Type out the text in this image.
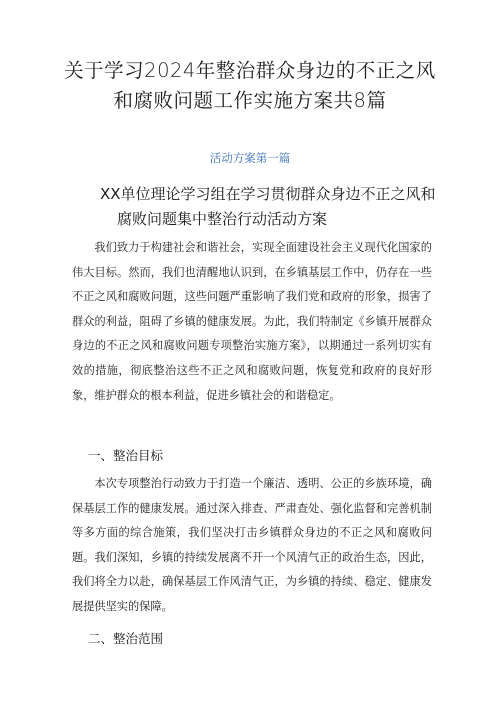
关于学习2024年整治群众身边的不正之风
和腐败问题工作实施方案共8篇
活动方案第一篇
XX单位理论学习组在学习贯彻群众身边不正之风和
腐败问题集中整治行动活动方案

我们致力于构建社会和谐社会，实现全面建设社会主义现代化国家的伟大目标。然而，我们也清醒地认识到，在乡镇基层工作中，仍存在一些不正之风和腐败问题，这些问题严重影响了我们党和政府的形象，损害了群众的利益，阻碍了乡镇的健康发展。为此，我们特制定《乡镇开展群众身边的不正之风和腐败问题专项整治实施方案》，以期通过一系列切实有效的措施，彻底整治这些不正之风和腐败问题，恢复党和政府的良好形象，维护群众的根本利益，促进乡镇社会的和谐稳定。

一、整治目标

本次专项整治行动致力于打造一个廉洁、透明、公正的乡族环境，确保基层工作的健康发展。通过深入排查、严肃查处、强化监督和完善机制等多方面的综合施策，我们坚决打击乡镇群众身边的不正之风和腐败问题。我们深知，乡镇的持续发展离不开一个风清气正的政治生态，因此，我们将全力以赴，确保基层工作风清气正，为乡镇的持续、稳定、健康发展提供坚实的保障。

二、整治范围
